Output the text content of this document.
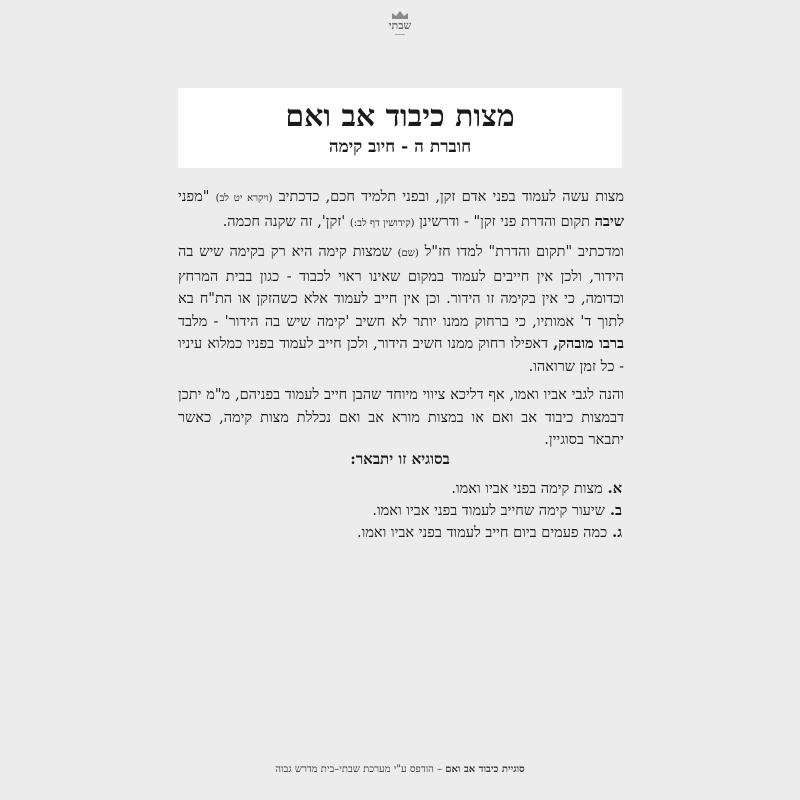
שבתי
━━━━
מצות כיבוד אב ואם
חוברת ה - חיוב קימה

מצות עשה לעמוד בפני אדם זקן, ובפני תלמיד חכם, כדכתיב (ויקרא יט לב) "מפני שיבה תקום והדרת פני זקן" - ודרשינן (קידושין דף לב:) 'זקן', זה שקנה חכמה.

ומדכתיב "תקום והדרת" למדו חז"ל (שם) שמצות קימה היא רק בקימה שיש בה הידור, ולכן אין חייבים לעמוד במקום שאינו ראוי לכבוד - כגון בבית המרחץ וכדומה, כי אין בקימה זו הידור. וכן אין חייב לעמוד אלא כשהזקן או הת"ח בא לתוך ד' אמותיו, כי ברחוק ממנו יותר לא חשיב 'קימה שיש בה הידור' - מלבד ברבו מובהק, דאפילו רחוק ממנו חשיב הידור, ולכן חייב לעמוד בפניו כמלוא עיניו - כל זמן שרואהו.

והנה לגבי אביו ואמו, אף דליכא ציווי מיוחד שהבן חייב לעמוד בפניהם, מ"מ יתכן דבמצות כיבוד אב ואם או במצות מורא אב ואם נכללת מצות קימה, כאשר יתבאר בסוגיין.

בסוגיא זו יתבאר:
א.מצות קימה בפני אביו ואמו.
ב.שיעור קימה שחייב לעמוד בפני אביו ואמו.
ג.כמה פעמים ביום חייב לעמוד בפני אביו ואמו.
סוגיית כיבוד אב ואם – הודפס ע"י מערכת שבתי–בית מדרש גבוה
